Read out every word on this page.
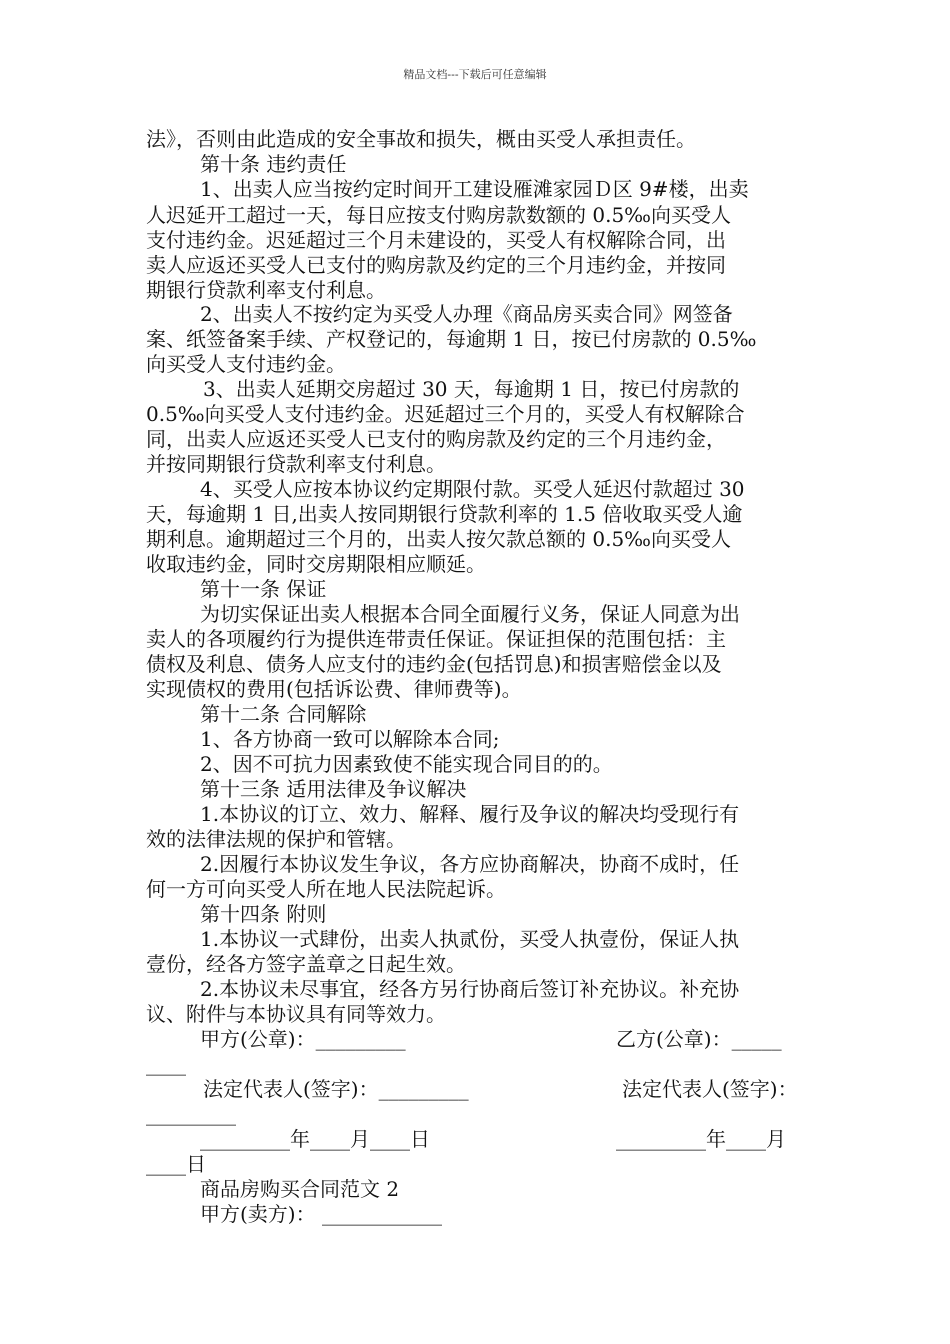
精品文档---下载后可任意编辑
法》，否则由此造成的安全事故和损失，概由买受人承担责任。
第十条 违约责任
1、出卖人应当按约定时间开工建设雁滩家园Ｄ区 9#楼，出卖
人迟延开工超过一天，每日应按支付购房款数额的 0.5‰向买受人
支付违约金。迟延超过三个月未建设的，买受人有权解除合同，出
卖人应返还买受人已支付的购房款及约定的三个月违约金，并按同
期银行贷款利率支付利息。
2、出卖人不按约定为买受人办理《商品房买卖合同》网签备
案、纸签备案手续、产权登记的，每逾期 1 日，按已付房款的 0.5‰
向买受人支付违约金。
3、出卖人延期交房超过 30 天，每逾期 1 日，按已付房款的
0.5‰向买受人支付违约金。迟延超过三个月的，买受人有权解除合
同，出卖人应返还买受人已支付的购房款及约定的三个月违约金，
并按同期银行贷款利率支付利息。
4、买受人应按本协议约定期限付款。买受人延迟付款超过 30
天，每逾期 1 日,出卖人按同期银行贷款利率的 1.5 倍收取买受人逾
期利息。逾期超过三个月的，出卖人按欠款总额的 0.5‰向买受人
收取违约金，同时交房期限相应顺延。
第十一条 保证
为切实保证出卖人根据本合同全面履行义务，保证人同意为出
卖人的各项履约行为提供连带责任保证。保证担保的范围包括：主
债权及利息、债务人应支付的违约金(包括罚息)和损害赔偿金以及
实现债权的费用(包括诉讼费、律师费等)。
第十二条 合同解除
1、各方协商一致可以解除本合同;
2、因不可抗力因素致使不能实现合同目的的。
第十三条 适用法律及争议解决
1.本协议的订立、效力、解释、履行及争议的解决均受现行有
效的法律法规的保护和管辖。
2.因履行本协议发生争议，各方应协商解决，协商不成时，任
何一方可向买受人所在地人民法院起诉。
第十四条 附则
1.本协议一式肆份，出卖人执贰份，买受人执壹份，保证人执
壹份，经各方签字盖章之日起生效。
2.本协议未尽事宜，经各方另行协商后签订补充协议。补充协
议、附件与本协议具有同等效力。
甲方(公章)：_________	乙方(公章)：_____
____
法定代表人(签字)：_________	法定代表人(签字)：
_________
_________年____月____日	_________年____月
____日
商品房购买合同范文 2
甲方(卖方)： ____________
